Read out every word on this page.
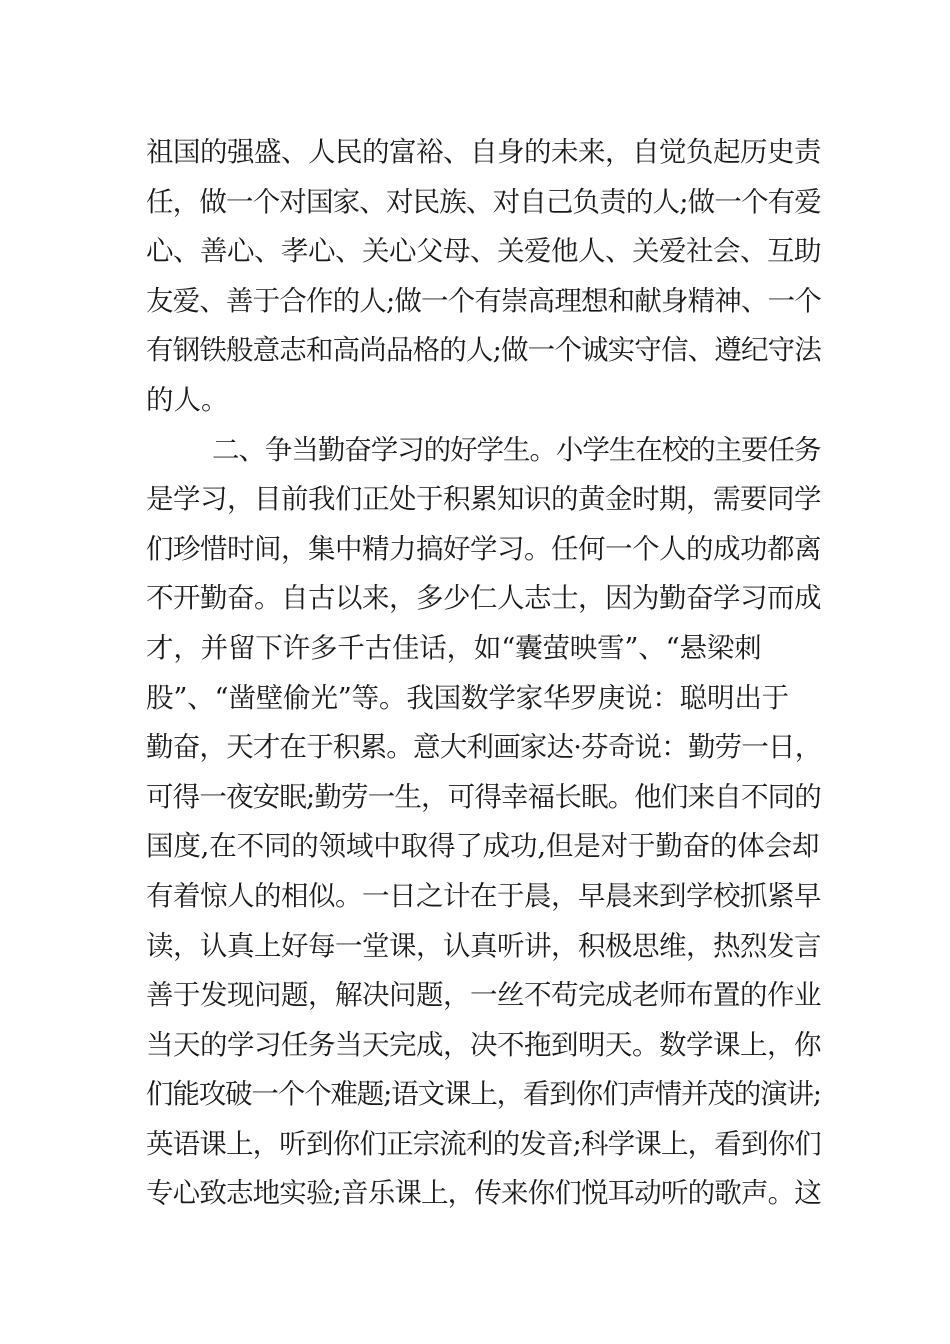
祖国的强盛、人民的富裕、自身的未来，自觉负起历史责
任，做一个对国家、对民族、对自己负责的人;做一个有爱
心、善心、孝心、关心父母、关爱他人、关爱社会、互助
友爱、善于合作的人;做一个有崇高理想和献身精神、一个
有钢铁般意志和高尚品格的人;做一个诚实守信、遵纪守法
的人。
二、争当勤奋学习的好学生。小学生在校的主要任务
是学习，目前我们正处于积累知识的黄金时期，需要同学
们珍惜时间，集中精力搞好学习。任何一个人的成功都离
不开勤奋。自古以来，多少仁人志士，因为勤奋学习而成
才，并留下许多千古佳话，如“囊萤映雪”、“悬梁刺
股”、“凿壁偷光”等。我国数学家华罗庚说：聪明出于
勤奋，天才在于积累。意大利画家达·芬奇说：勤劳一日，
可得一夜安眠;勤劳一生，可得幸福长眠。他们来自不同的
国度,在不同的领域中取得了成功,但是对于勤奋的体会却
有着惊人的相似。一日之计在于晨，早晨来到学校抓紧早
读，认真上好每一堂课，认真听讲，积极思维，热烈发言
善于发现问题，解决问题，一丝不苟完成老师布置的作业
当天的学习任务当天完成，决不拖到明天。数学课上，你
们能攻破一个个难题;语文课上，看到你们声情并茂的演讲;
英语课上，听到你们正宗流利的发音;科学课上，看到你们
专心致志地实验;音乐课上，传来你们悦耳动听的歌声。这
